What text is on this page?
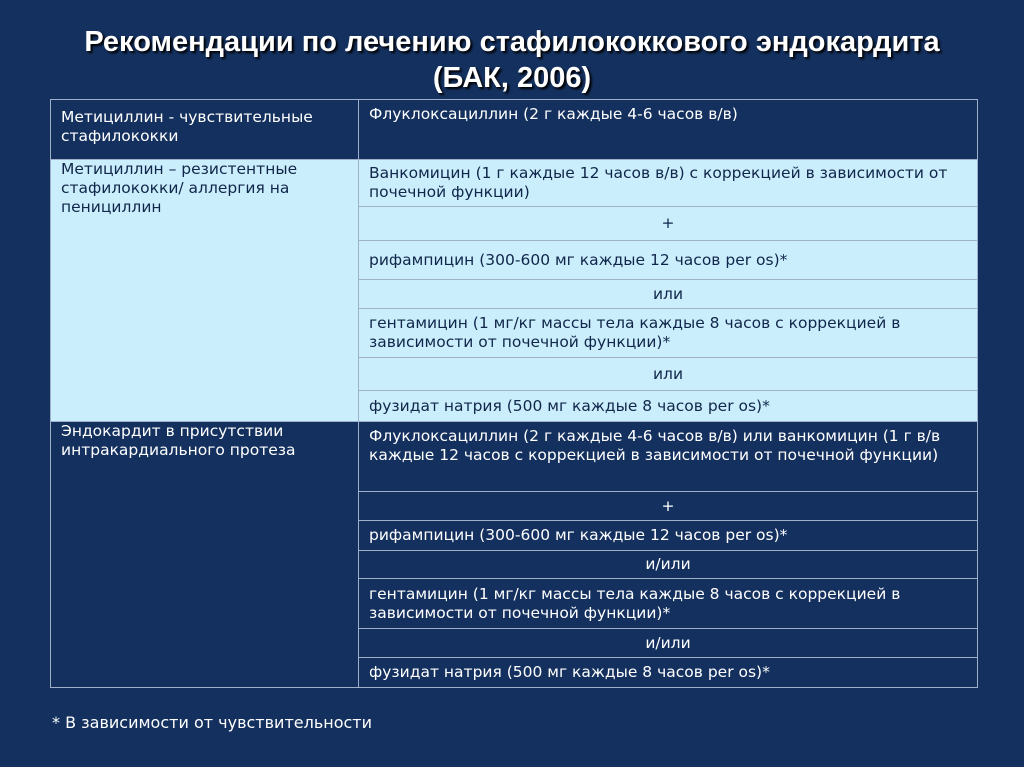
Рекомендации по лечению стафилококкового эндокардита
(БАК, 2006)
Метициллин - чувствительные стафилококки	Флуклоксациллин (2 г каждые 4-6 часов в/в)
Метициллин – резистентные стафилококки/ аллергия на пенициллин	Ванкомицин (1 г каждые 12 часов в/в) с коррекцией в зависимости от почечной функции)
	+
	рифампицин (300-600 мг каждые 12 часов per os)*
	или
	гентамицин (1 мг/кг массы тела каждые 8 часов с коррекцией в зависимости от почечной функции)*
	или
	фузидат натрия (500 мг каждые 8 часов per os)*
Эндокардит в присутствии интракардиального протеза	Флуклоксациллин (2 г каждые 4-6 часов в/в) или ванкомицин (1 г в/в каждые 12 часов с коррекцией в зависимости от почечной функции)
	+
	рифампицин (300-600 мг каждые 12 часов per os)*
	и/или
	гентамицин (1 мг/кг массы тела каждые 8 часов с коррекцией в зависимости от почечной функции)*
	и/или
	фузидат натрия (500 мг каждые 8 часов per os)*
* В зависимости от чувствительности
